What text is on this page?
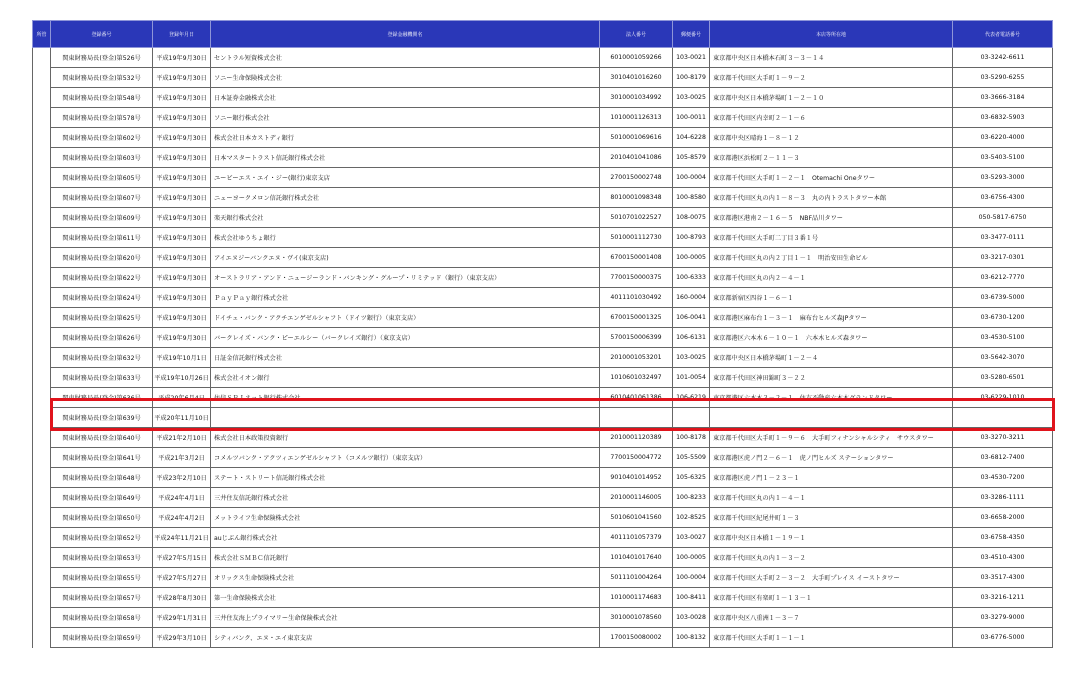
所管	登録番号	登録年月日	登録金融機関名	法人番号	郵便番号	本店等所在地	代表者電話番号
	関東財務局長(登金)第526号	平成19年9月30日	セントラル短資株式会社	6010001059266	103-0021	東京都中央区日本橋本石町３－３－１４	03-3242-6611
	関東財務局長(登金)第532号	平成19年9月30日	ソニー生命保険株式会社	3010401016260	100-8179	東京都千代田区大手町１－９－２	03-5290-6255
	関東財務局長(登金)第548号	平成19年9月30日	日本証券金融株式会社	3010001034992	103-0025	東京都中央区日本橋茅場町１－２－１０	03-3666-3184
	関東財務局長(登金)第578号	平成19年9月30日	ソニー銀行株式会社	1010001126313	100-0011	東京都千代田区内幸町２－１－６	03-6832-5903
	関東財務局長(登金)第602号	平成19年9月30日	株式会社日本カストディ銀行	5010001069616	104-6228	東京都中央区晴海１－８－１２	03-6220-4000
	関東財務局長(登金)第603号	平成19年9月30日	日本マスタートラスト信託銀行株式会社	2010401041086	105-8579	東京都港区浜松町２－１１－３	03-5403-5100
	関東財務局長(登金)第605号	平成19年9月30日	ユービーエス・エイ・ジー(銀行)東京支店	2700150002748	100-0004	東京都千代田区大手町１－２－１　Otemachi Oneタワー	03-5293-3000
	関東財務局長(登金)第607号	平成19年9月30日	ニューヨークメロン信託銀行株式会社	8010001098348	100-8580	東京都千代田区丸の内１－８－３　丸の内トラストタワー本館	03-6756-4300
	関東財務局長(登金)第609号	平成19年9月30日	楽天銀行株式会社	5010701022527	108-0075	東京都港区港南２－１６－５　NBF品川タワー	050-5817-6750
	関東財務局長(登金)第611号	平成19年9月30日	株式会社ゆうちょ銀行	5010001112730	100-8793	東京都千代田区大手町二丁目３番１号	03-3477-0111
	関東財務局長(登金)第620号	平成19年9月30日	アイエヌジーバンクエヌ・ヴイ(東京支店)	6700150001408	100-0005	東京都千代田区丸の内２丁目１－１　明治安田生命ビル	03-3217-0301
	関東財務局長(登金)第622号	平成19年9月30日	オーストラリア・アンド・ニュージーランド・バンキング・グループ・リミテッド（銀行）（東京支店）	7700150000375	100-6333	東京都千代田区丸の内２－４－１	03-6212-7770
	関東財務局長(登金)第624号	平成19年9月30日	ＰａｙＰａｙ銀行株式会社	4011101030492	160-0004	東京都新宿区四谷１－６－１	03-6739-5000
	関東財務局長(登金)第625号	平成19年9月30日	ドイチェ・バンク・アクチエンゲゼルシャフト（ドイツ銀行）（東京支店）	6700150001325	106-0041	東京都港区麻布台１－３－１　麻布台ヒルズ森JPタワー	03-6730-1200
	関東財務局長(登金)第626号	平成19年9月30日	バークレイズ・バンク・ピーエルシー（バークレイズ銀行）（東京支店）	5700150006399	106-6131	東京都港区六本木６－１０－１　六本木ヒルズ森タワー	03-4530-5100
	関東財務局長(登金)第632号	平成19年10月1日	日証金信託銀行株式会社	2010001053201	103-0025	東京都中央区日本橋茅場町１－２－４	03-5642-3070
	関東財務局長(登金)第633号	平成19年10月26日	株式会社イオン銀行	1010601032497	101-0054	東京都千代田区神田錦町３－２２	03-5280-6501
	関東財務局長(登金)第636号	平成20年6月4日	住信ＳＢＩネット銀行株式会社	6010401061386	106-6219	東京都港区六本木３－２－１　住友不動産六本木グランドタワー	03-6229-1010
	関東財務局長(登金)第639号	平成20年11月10日					
	関東財務局長(登金)第640号	平成21年2月10日	株式会社日本政策投資銀行	2010001120389	100-8178	東京都千代田区大手町１－９－６　大手町フィナンシャルシティ　サウスタワー	03-3270-3211
	関東財務局長(登金)第641号	平成21年3月2日	コメルツバンク・アクツィエンゲゼルシャフト（コメルツ銀行）（東京支店）	7700150004772	105-5509	東京都港区虎ノ門２－６－１　虎ノ門ヒルズ ステーションタワー	03-6812-7400
	関東財務局長(登金)第648号	平成23年2月10日	ステート・ストリート信託銀行株式会社	9010401014952	105-6325	東京都港区虎ノ門１－２３－１	03-4530-7200
	関東財務局長(登金)第649号	平成24年4月1日	三井住友信託銀行株式会社	2010001146005	100-8233	東京都千代田区丸の内１－４－１	03-3286-1111
	関東財務局長(登金)第650号	平成24年4月2日	メットライフ生命保険株式会社	5010601041560	102-8525	東京都千代田区紀尾井町１－３	03-6658-2000
	関東財務局長(登金)第652号	平成24年11月21日	auじぶん銀行株式会社	4011101057379	103-0027	東京都中央区日本橋１－１９－１	03-6758-4350
	関東財務局長(登金)第653号	平成27年5月15日	株式会社ＳＭＢＣ信託銀行	1010401017640	100-0005	東京都千代田区丸の内１－３－２	03-4510-4300
	関東財務局長(登金)第655号	平成27年5月27日	オリックス生命保険株式会社	5011101004264	100-0004	東京都千代田区大手町２－３－２　大手町プレイス イーストタワー	03-3517-4300
	関東財務局長(登金)第657号	平成28年8月30日	第一生命保険株式会社	1010001174683	100-8411	東京都千代田区有楽町１－１３－１	03-3216-1211
	関東財務局長(登金)第658号	平成29年1月31日	三井住友海上プライマリー生命保険株式会社	3010001078560	103-0028	東京都中央区八重洲１－３－７	03-3279-9000
	関東財務局長(登金)第659号	平成29年3月10日	シティバンク、エヌ・エイ東京支店	1700150080002	100-8132	東京都千代田区大手町１－１－１	03-6776-5000
